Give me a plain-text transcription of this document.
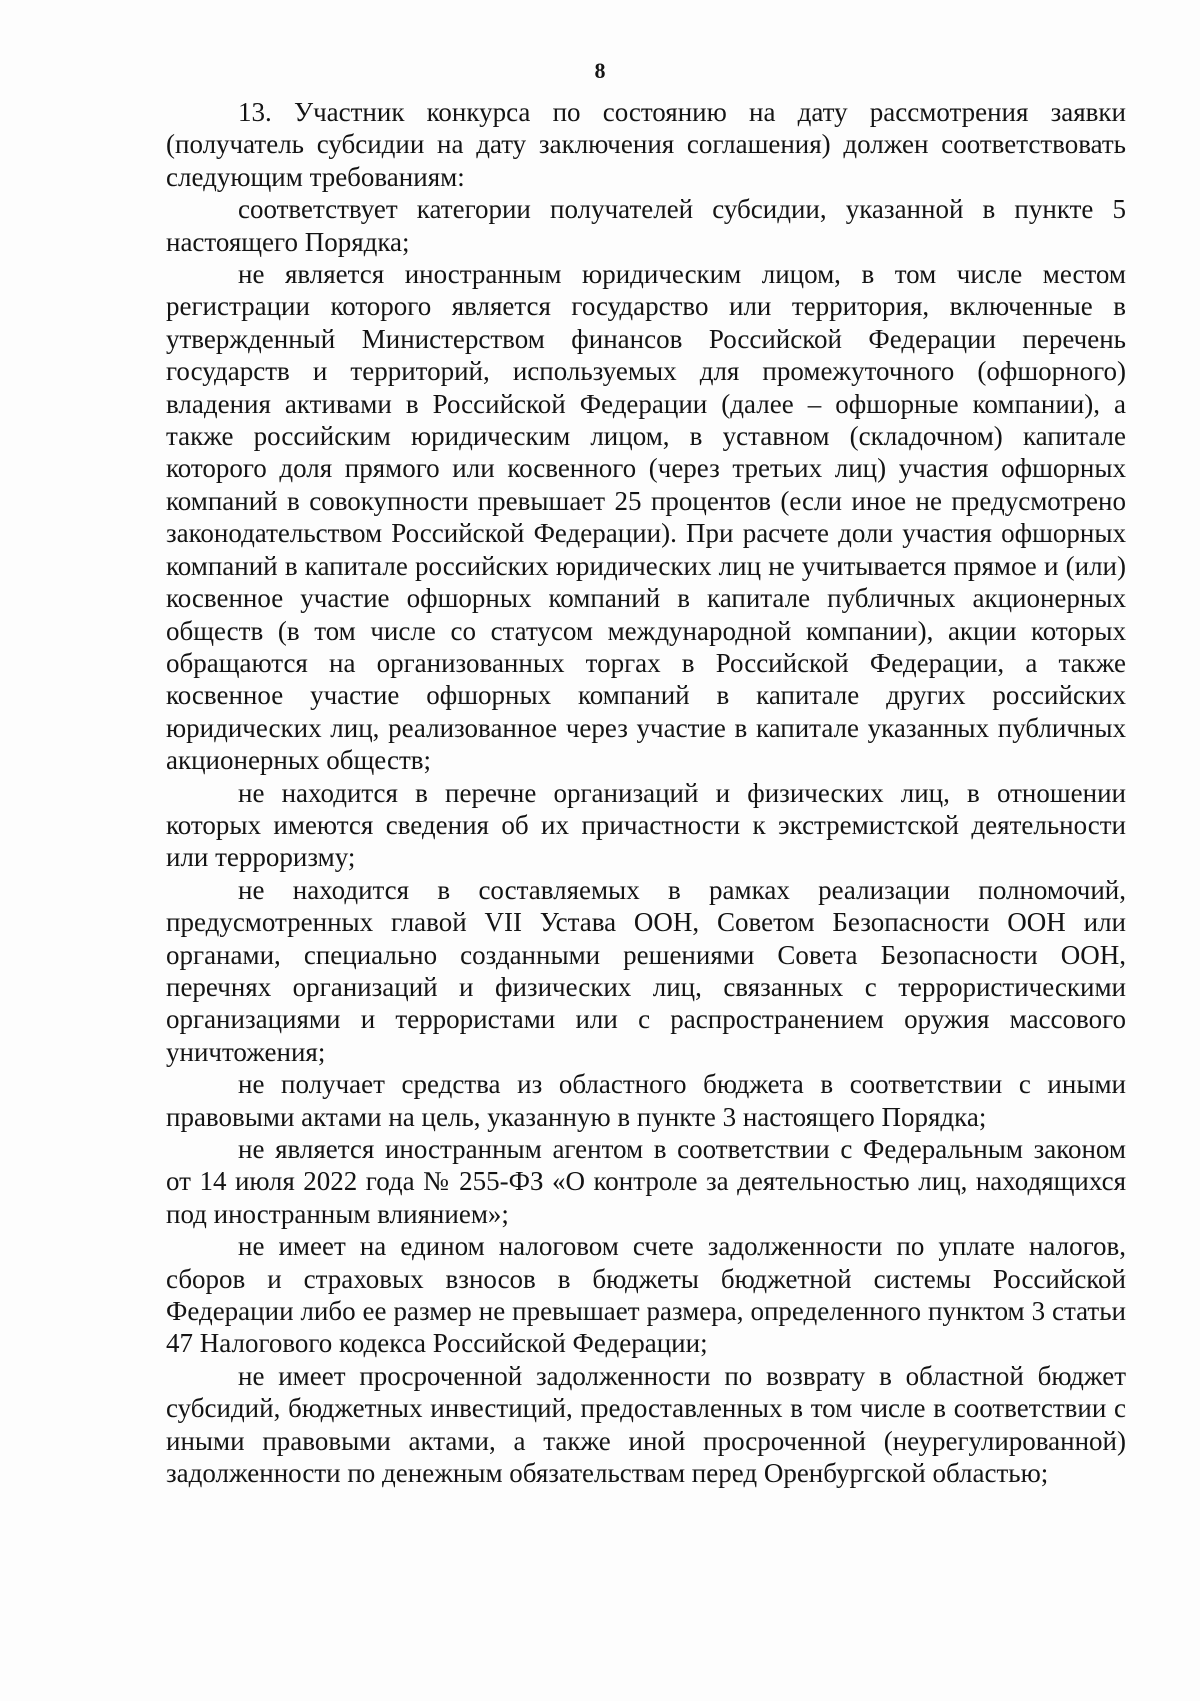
8

13. Участник конкурса по состоянию на дату рассмотрения заявки (получатель субсидии на дату заключения соглашения) должен соответствовать следующим требованиям:

соответствует категории получателей субсидии, указанной в пункте 5 настоящего Порядка;

не является иностранным юридическим лицом, в том числе местом регистрации которого является государство или территория, включенные в утвержденный Министерством финансов Российской Федерации перечень государств и территорий, используемых для промежуточного (офшорного) владения активами в Российской Федерации (далее – офшорные компании), а также российским юридическим лицом, в уставном (складочном) капитале которого доля прямого или косвенного (через третьих лиц) участия офшорных компаний в совокупности превышает 25 процентов (если иное не предусмотрено законодательством Российской Федерации). При расчете доли участия офшорных компаний в капитале российских юридических лиц не учитывается прямое и (или) косвенное участие офшорных компаний в капитале публичных акционерных обществ (в том числе со статусом международной компании), акции которых обращаются на организованных торгах в Российской Федерации, а также косвенное участие офшорных компаний в капитале других российских юридических лиц, реализованное через участие в капитале указанных публичных акционерных обществ;

не находится в перечне организаций и физических лиц, в отношении которых имеются сведения об их причастности к экстремистской деятельности или терроризму;

не находится в составляемых в рамках реализации полномочий, предусмотренных главой VII Устава ООН, Советом Безопасности ООН или органами, специально созданными решениями Совета Безопасности ООН, перечнях организаций и физических лиц, связанных с террористическими организациями и террористами или с распространением оружия массового уничтожения;

не получает средства из областного бюджета в соответствии с иными правовыми актами на цель, указанную в пункте 3 настоящего Порядка;

не является иностранным агентом в соответствии с Федеральным законом от 14 июля 2022 года № 255-ФЗ «О контроле за деятельностью лиц, находящихся под иностранным влиянием»;

не имеет на едином налоговом счете задолженности по уплате налогов, сборов и страховых взносов в бюджеты бюджетной системы Российской Федерации либо ее размер не превышает размера, определенного пунктом 3 статьи 47 Налогового кодекса Российской Федерации;

не имеет просроченной задолженности по возврату в областной бюджет субсидий, бюджетных инвестиций, предоставленных в том числе в соответствии с иными правовыми актами, а также иной просроченной (неурегулированной) задолженности по денежным обязательствам перед Оренбургской областью;
